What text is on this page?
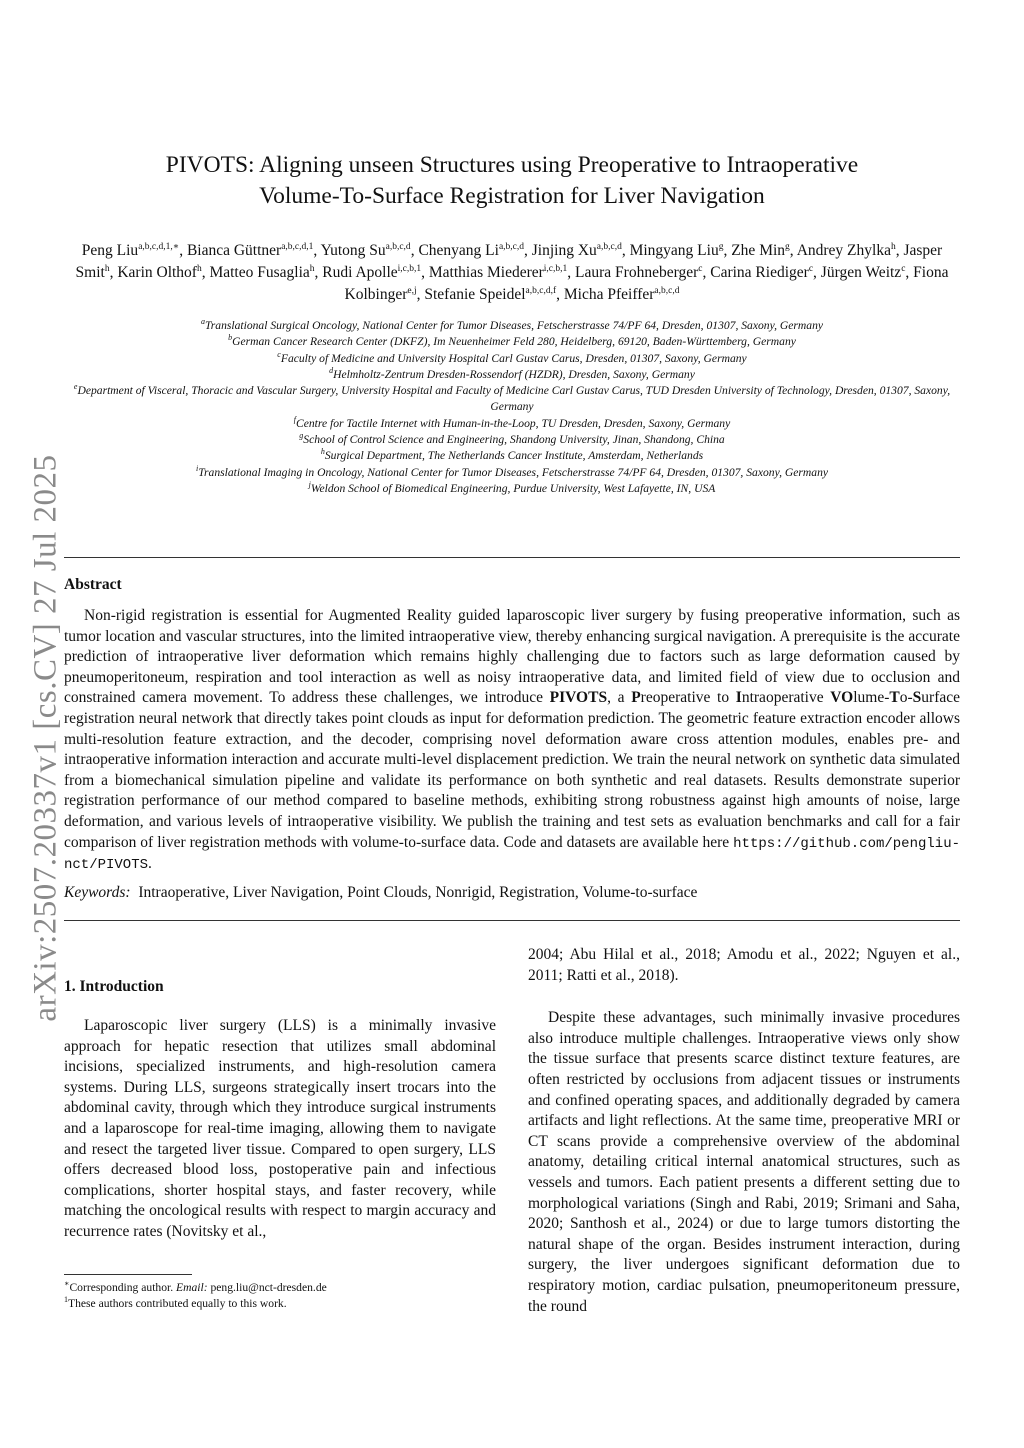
arXiv:2507.20337v1 [cs.CV] 27 Jul 2025
PIVOTS: Aligning unseen Structures using Preoperative to Intraoperative
Volume-To-Surface Registration for Liver Navigation
Peng Liu$^{a,b,c,d,1,∗}$, Bianca Güttner$^{a,b,c,d,1}$, Yutong Su$^{a,b,c,d}$, Chenyang Li$^{a,b,c,d}$, Jinjing Xu$^{a,b,c,d}$, Mingyang Liu$^g$, Zhe Min$^g$, Andrey Zhylka$^h$, Jasper Smit$^h$, Karin Olthof$^h$, Matteo Fusaglia$^h$, Rudi Apolle$^{i,c,b,1}$, Matthias Miederer$^{i,c,b,1}$, Laura Frohneberger$^c$, Carina Riediger$^c$, Jürgen Weitz$^c$, Fiona Kolbinger$^{e,j}$, Stefanie Speidel$^{a,b,c,d,f}$, Micha Pfeiffer$^{a,b,c,d}$
$^a$Translational Surgical Oncology, National Center for Tumor Diseases, Fetscherstrasse 74/PF 64, Dresden, 01307, Saxony, Germany
$^b$German Cancer Research Center (DKFZ), Im Neuenheimer Feld 280, Heidelberg, 69120, Baden-Württemberg, Germany
$^c$Faculty of Medicine and University Hospital Carl Gustav Carus, Dresden, 01307, Saxony, Germany
$^d$Helmholtz-Zentrum Dresden-Rossendorf (HZDR), Dresden, Saxony, Germany
$^e$Department of Visceral, Thoracic and Vascular Surgery, University Hospital and Faculty of Medicine Carl Gustav Carus, TUD Dresden University of Technology, Dresden, 01307, Saxony, Germany
$^f$Centre for Tactile Internet with Human-in-the-Loop, TU Dresden, Dresden, Saxony, Germany
$^g$School of Control Science and Engineering, Shandong University, Jinan, Shandong, China
$^h$Surgical Department, The Netherlands Cancer Institute, Amsterdam, Netherlands
$^i$Translational Imaging in Oncology, National Center for Tumor Diseases, Fetscherstrasse 74/PF 64, Dresden, 01307, Saxony, Germany
$^j$Weldon School of Biomedical Engineering, Purdue University, West Lafayette, IN, USA
Abstract

Non-rigid registration is essential for Augmented Reality guided laparoscopic liver surgery by fusing preoperative information, such as tumor location and vascular structures, into the limited intraoperative view, thereby enhancing surgical navigation. A prerequisite is the accurate prediction of intraoperative liver deformation which remains highly challenging due to factors such as large deformation caused by pneumoperitoneum, respiration and tool interaction as well as noisy intraoperative data, and limited field of view due to occlusion and constrained camera movement. To address these challenges, we introduce PIVOTS, a Preoperative to Intraoperative VOlume-To-Surface registration neural network that directly takes point clouds as input for deformation prediction. The geometric feature extraction encoder allows multi-resolution feature extraction, and the decoder, comprising novel deformation aware cross attention modules, enables pre- and intraoperative information interaction and accurate multi-level displacement prediction. We train the neural network on synthetic data simulated from a biomechanical simulation pipeline and validate its performance on both synthetic and real datasets. Results demonstrate superior registration performance of our method compared to baseline methods, exhibiting strong robustness against high amounts of noise, large deformation, and various levels of intraoperative visibility. We publish the training and test sets as evaluation benchmarks and call for a fair comparison of liver registration methods with volume-to-surface data. Code and datasets are available here https://github.com/pengliu-nct/PIVOTS.

Keywords: Intraoperative, Liver Navigation, Point Clouds, Nonrigid, Registration, Volume-to-surface
1. Introduction

Laparoscopic liver surgery (LLS) is a minimally invasive approach for hepatic resection that utilizes small abdominal incisions, specialized instruments, and high-resolution camera systems. During LLS, surgeons strategically insert trocars into the abdominal cavity, through which they introduce surgical instruments and a laparoscope for real-time imaging, allowing them to navigate and resect the targeted liver tissue. Compared to open surgery, LLS offers decreased blood loss, postoperative pain and infectious complications, shorter hospital stays, and faster recovery, while matching the oncological results with respect to margin accuracy and recurrence rates (Novitsky et al.,

2004; Abu Hilal et al., 2018; Amodu et al., 2022; Nguyen et al., 2011; Ratti et al., 2018).

Despite these advantages, such minimally invasive procedures also introduce multiple challenges. Intraoperative views only show the tissue surface that presents scarce distinct texture features, are often restricted by occlusions from adjacent tissues or instruments and confined operating spaces, and additionally degraded by camera artifacts and light reflections. At the same time, preoperative MRI or CT scans provide a comprehensive overview of the abdominal anatomy, detailing critical internal anatomical structures, such as vessels and tumors. Each patient presents a different setting due to morphological variations (Singh and Rabi, 2019; Srimani and Saha, 2020; Santhosh et al., 2024) or due to large tumors distorting the natural shape of the organ. Besides instrument interaction, during surgery, the liver undergoes significant deformation due to respiratory motion, cardiac pulsation, pneumoperitoneum pressure, the round

∗Corresponding author. Email: peng.liu@nct-dresden.de
$^1$These authors contributed equally to this work.
